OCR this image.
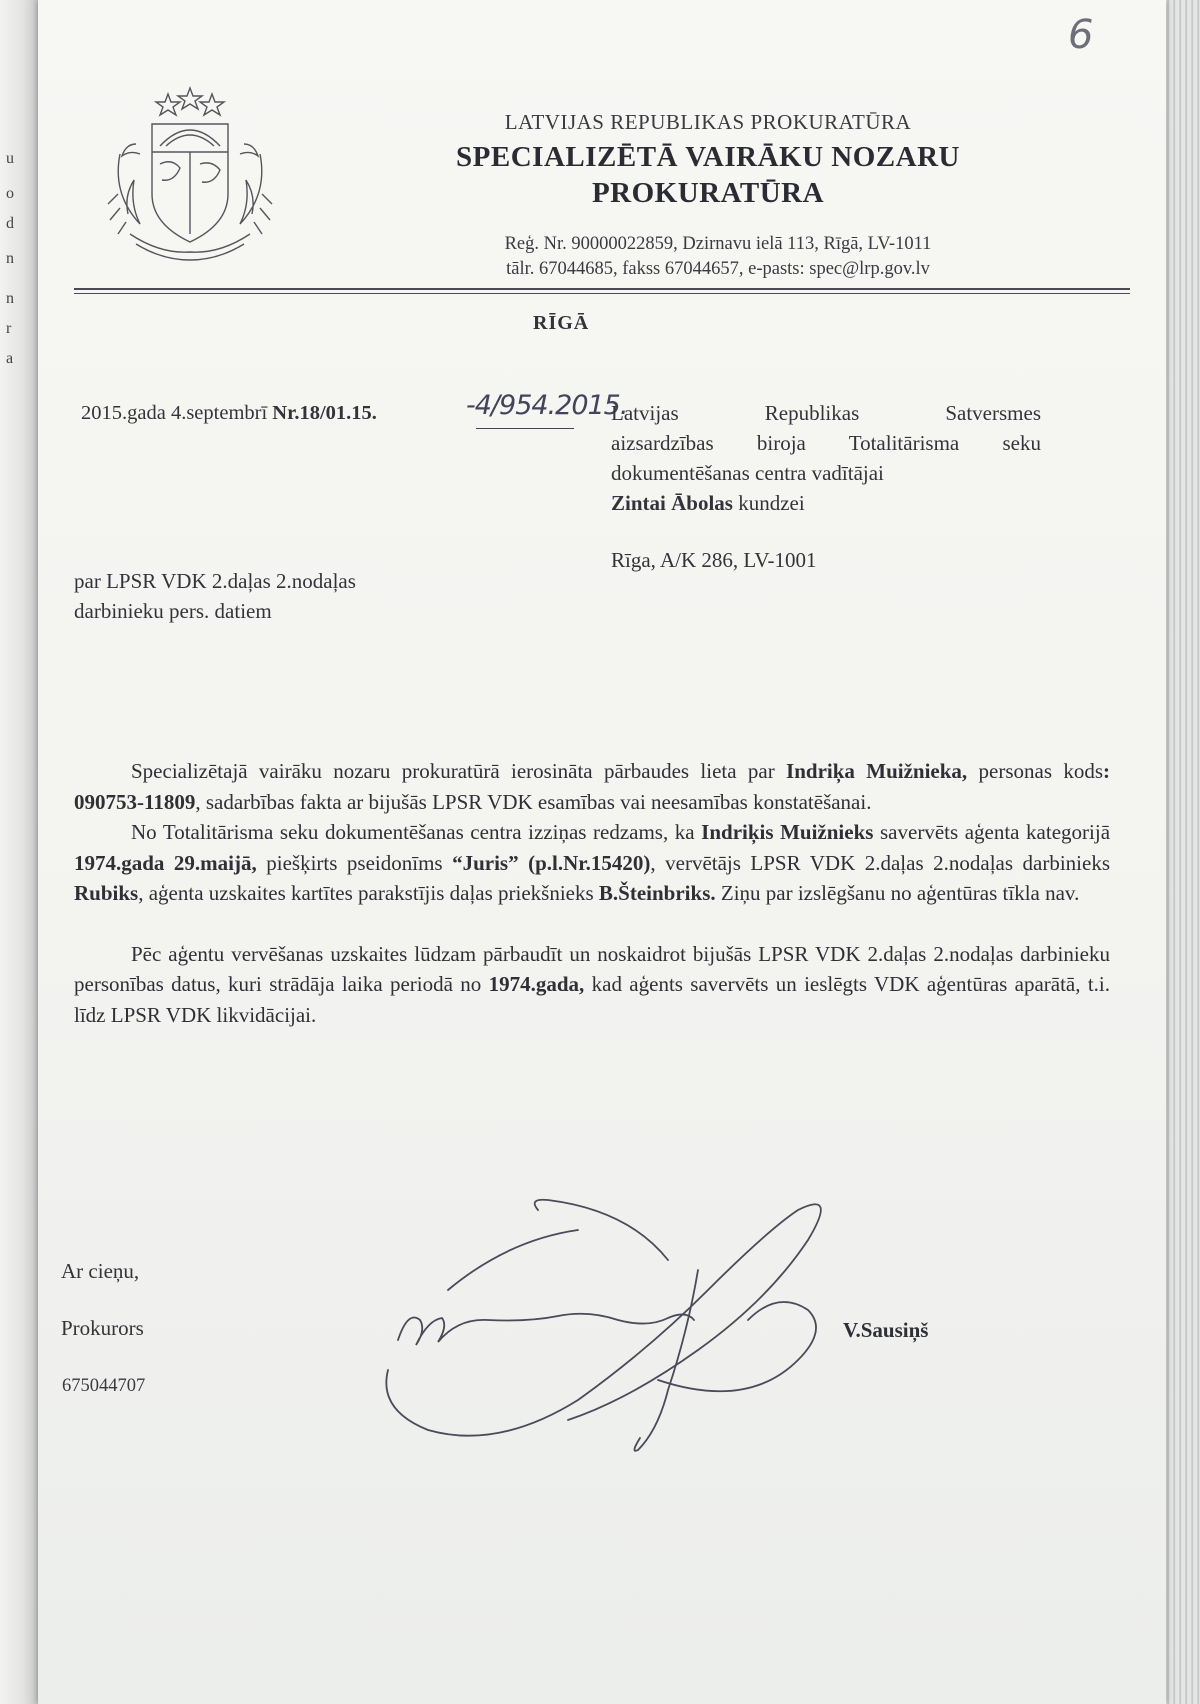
u
o
d
n
n
r
a
6

LATVIJAS REPUBLIKAS PROKURATŪRA

SPECIALIZĒTĀ VAIRĀKU NOZARU

PROKURATŪRA

Reģ. Nr. 90000022859, Dzirnavu ielā 113, Rīgā, LV-1011
tālr. 67044685, fakss 67044657, e-pasts: spec@lrp.gov.lv
RĪGĀ
2015.gada 4.septembrī Nr.18/01.15.	-4/954.2015.
Latvijas Republikas Satversmes
aizsardzības biroja Totalitārisma seku
dokumentēšanas centra vadītājai
Zintai Ābolas kundzei
Rīga, A/K 286, LV-1001
par LPSR VDK 2.daļas 2.nodaļas
darbinieku pers. datiem

Specializētajā vairāku nozaru prokuratūrā ierosināta pārbaudes lieta par Indriķa Muižnieka, personas kods: 090753-11809, sadarbības fakta ar bijušās LPSR VDK esamības vai neesamības konstatēšanai.

No Totalitārisma seku dokumentēšanas centra izziņas redzams, ka Indriķis Muižnieks savervēts aģenta kategorijā 1974.gada 29.maijā, piešķirts pseidonīms “Juris” (p.l.Nr.15420), vervētājs LPSR VDK 2.daļas 2.nodaļas darbinieks Rubiks, aģenta uzskaites kartītes parakstījis daļas priekšnieks B.Šteinbriks. Ziņu par izslēgšanu no aģentūras tīkla nav.

Pēc aģentu vervēšanas uzskaites lūdzam pārbaudīt un noskaidrot bijušās LPSR VDK 2.daļas 2.nodaļas darbinieku personības datus, kuri strādāja laika periodā no 1974.gada, kad aģents savervēts un ieslēgts VDK aģentūras aparātā, t.i. līdz LPSR VDK likvidācijai.

Ar cieņu,
Prokurors
675044707
V.Sausiņš
